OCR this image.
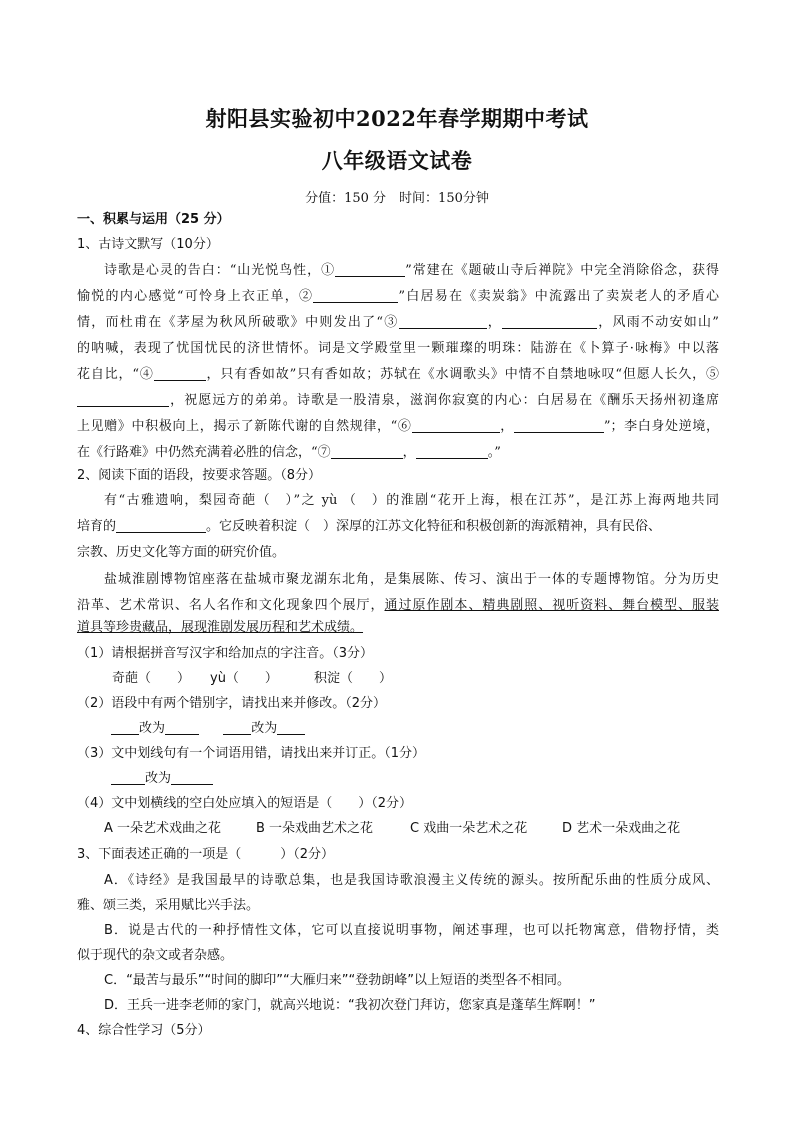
射阳县实验初中2022年春学期期中考试
八年级语文试卷
分值：150 分　时间：150分钟
一、积累与运用（25 分）
1、古诗文默写（10分）
诗歌是心灵的告白：“山光悦鸟性，①	”常建在《题破山寺后禅院》中完全消除俗念，获得
愉悦的内心感觉“可怜身上衣正单，②	”白居易在《卖炭翁》中流露出了卖炭老人的矛盾心
情，而杜甫在《茅屋为秋风所破歌》中则发出了“③	，	，风雨不动安如山”
的呐喊，表现了忧国忧民的济世情怀。词是文学殿堂里一颗璀璨的明珠：陆游在《卜算子·咏梅》中以落
花自比，“④	，只有香如故”只有香如故；苏轼在《水调歌头》中情不自禁地咏叹“但愿人长久，⑤
，祝愿远方的弟弟。诗歌是一股清泉，滋润你寂寞的内心：白居易在《酬乐天扬州初逢席
上见赠》中积极向上，揭示了新陈代谢的自然规律，“⑥	，	”；李白身处逆境，
在《行路难》中仍然充满着必胜的信念，“⑦	，	。”
2、阅读下面的语段，按要求答题。（8分）
有“古雅遗响，梨园奇葩（　）”之 yù （　）的淮剧“花开上海，根在江苏”，是江苏上海两地共同
培育的	。它反映着积淀（　）深厚的江苏文化特征和积极创新的海派精神，具有民俗、
宗教、历史文化等方面的研究价值。
盐城淮剧博物馆座落在盐城市聚龙湖东北角，是集展陈、传习、演出于一体的专题博物馆。分为历史
沿革、艺术常识、名人名作和文化现象四个展厅，通过原作剧本、精典剧照、视听资料、舞台模型、服装
道具等珍贵藏品，展现淮剧发展历程和艺术成绩。
（1）请根据拼音写汉字和给加点的字注音。（3分）
奇葩（　　） yù（　　）	积淀（　　）
（2）语段中有两个错别字，请找出来并修改。（2分）
改为	改为
（3）文中划线句有一个词语用错，请找出来并订正。（1分）
改为
（4）文中划横线的空白处应填入的短语是（　　）（2分）
A 一朵艺术戏曲之花	B 一朵戏曲艺术之花	C 戏曲一朵艺术之花	D 艺术一朵戏曲之花
3、下面表述正确的一项是（　　　）（2分）
A．《诗经》是我国最早的诗歌总集，也是我国诗歌浪漫主义传统的源头。按所配乐曲的性质分成风、
雅、颂三类，采用赋比兴手法。
B．说是古代的一种抒情性文体，它可以直接说明事物，阐述事理，也可以托物寓意，借物抒情，类
似于现代的杂文或者杂感。
C．“最苦与最乐”“时间的脚印”“大雁归来”“登勃朗峰”以上短语的类型各不相同。
D．王兵一进李老师的家门，就高兴地说：“我初次登门拜访，您家真是蓬荜生辉啊！”
4、综合性学习（5分）
